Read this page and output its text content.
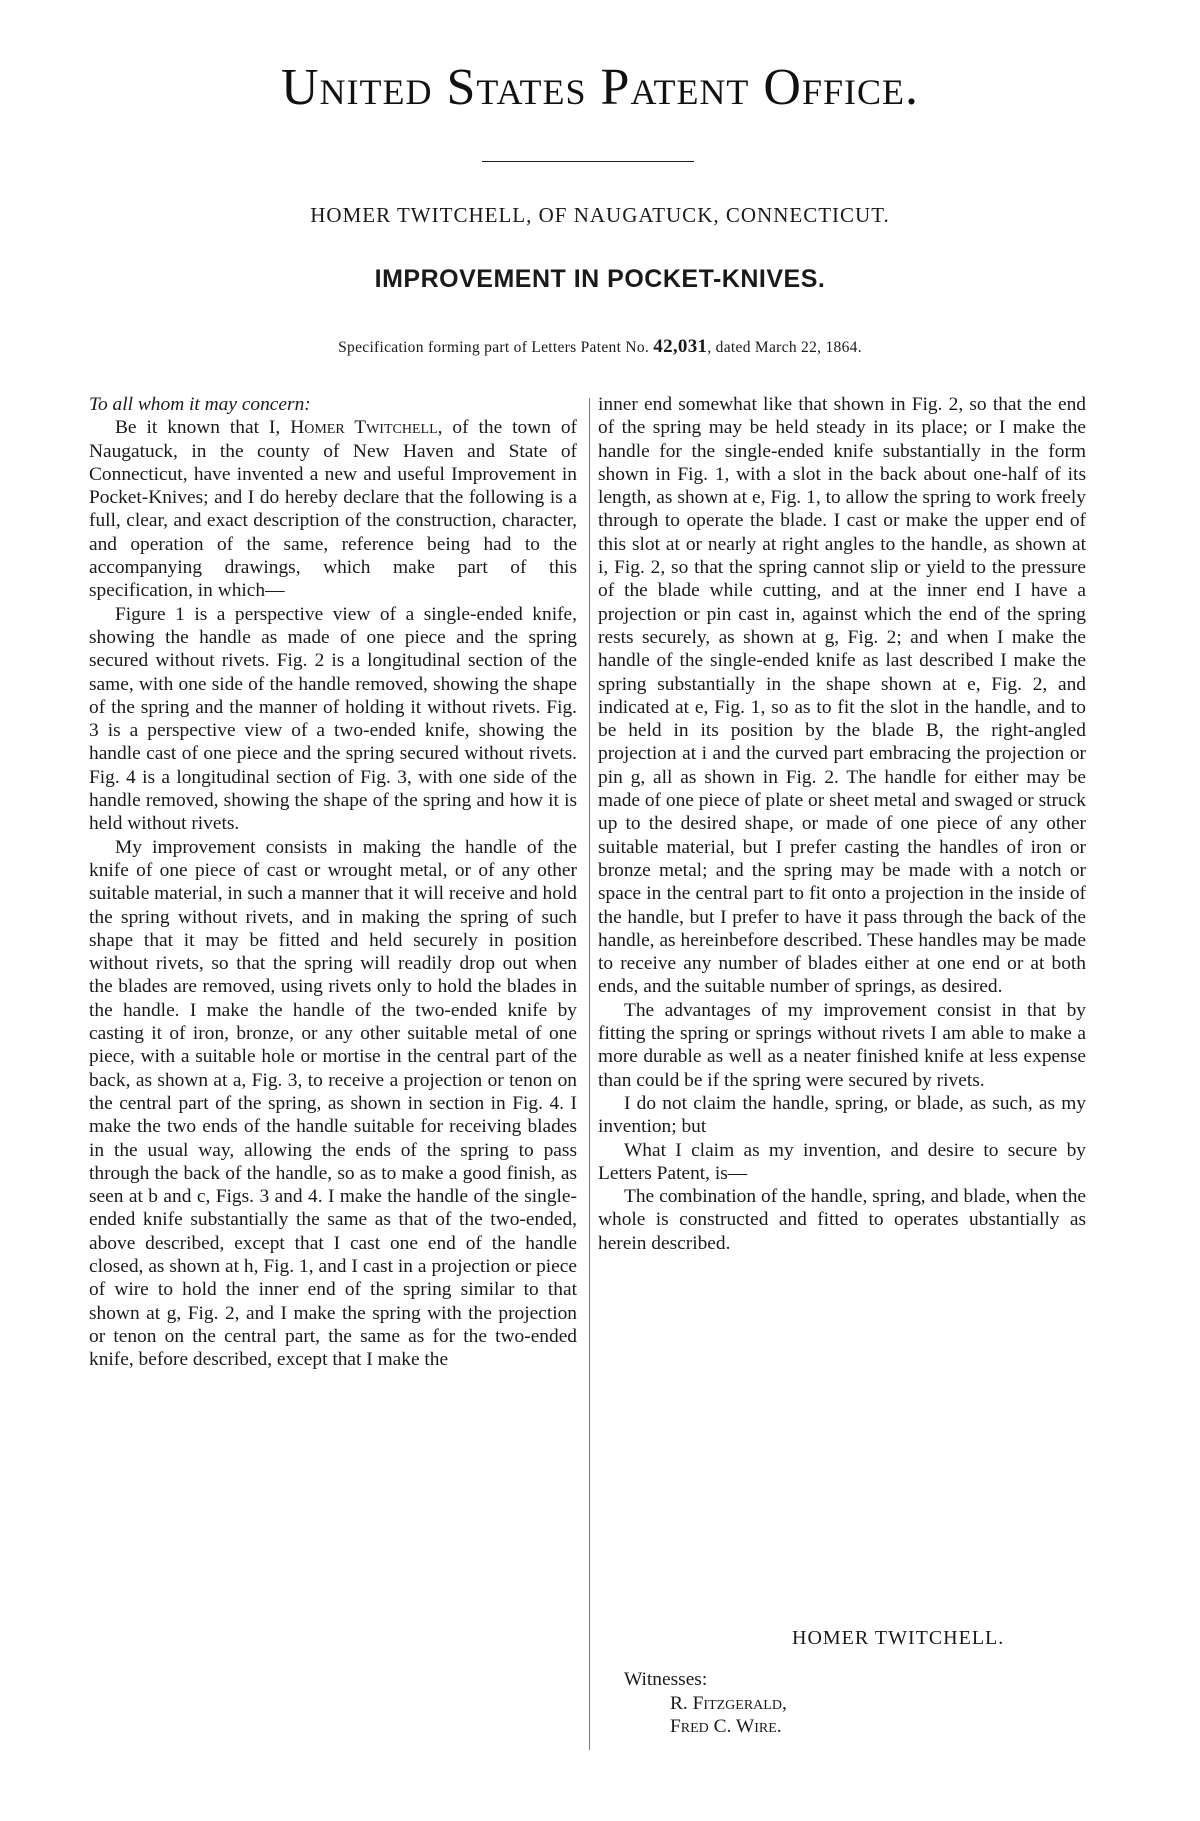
United States Patent Office.
HOMER TWITCHELL, OF NAUGATUCK, CONNECTICUT.
IMPROVEMENT IN POCKET-KNIVES.
Specification forming part of Letters Patent No. 42,031, dated March 22, 1864.

To all whom it may concern:

Be it known that I, Homer Twitchell, of the town of Naugatuck, in the county of New Haven and State of Connecticut, have invented a new and useful Improvement in Pocket-Knives; and I do hereby declare that the following is a full, clear, and exact description of the construction, character, and operation of the same, reference being had to the accompanying drawings, which make part of this specification, in which—

Figure 1 is a perspective view of a single-ended knife, showing the handle as made of one piece and the spring secured without rivets. Fig. 2 is a longitudinal section of the same, with one side of the handle removed, showing the shape of the spring and the manner of holding it without rivets. Fig. 3 is a perspective view of a two-ended knife, showing the handle cast of one piece and the spring secured without rivets. Fig. 4 is a longitudinal section of Fig. 3, with one side of the handle removed, showing the shape of the spring and how it is held without rivets.

My improvement consists in making the handle of the knife of one piece of cast or wrought metal, or of any other suitable material, in such a manner that it will receive and hold the spring without rivets, and in making the spring of such shape that it may be fitted and held securely in position without rivets, so that the spring will readily drop out when the blades are removed, using rivets only to hold the blades in the handle. I make the handle of the two-ended knife by casting it of iron, bronze, or any other suitable metal of one piece, with a suitable hole or mortise in the central part of the back, as shown at a, Fig. 3, to receive a projection or tenon on the central part of the spring, as shown in section in Fig. 4. I make the two ends of the handle suitable for receiving blades in the usual way, allowing the ends of the spring to pass through the back of the handle, so as to make a good finish, as seen at b and c, Figs. 3 and 4. I make the handle of the single-ended knife substantially the same as that of the two-ended, above described, except that I cast one end of the handle closed, as shown at h, Fig. 1, and I cast in a projection or piece of wire to hold the inner end of the spring similar to that shown at g, Fig. 2, and I make the spring with the projection or tenon on the central part, the same as for the two-ended knife, before described, except that I make the

inner end somewhat like that shown in Fig. 2, so that the end of the spring may be held steady in its place; or I make the handle for the single-ended knife substantially in the form shown in Fig. 1, with a slot in the back about one-half of its length, as shown at e, Fig. 1, to allow the spring to work freely through to operate the blade. I cast or make the upper end of this slot at or nearly at right angles to the handle, as shown at i, Fig. 2, so that the spring cannot slip or yield to the pressure of the blade while cutting, and at the inner end I have a projection or pin cast in, against which the end of the spring rests securely, as shown at g, Fig. 2; and when I make the handle of the single-ended knife as last described I make the spring substantially in the shape shown at e, Fig. 2, and indicated at e, Fig. 1, so as to fit the slot in the handle, and to be held in its position by the blade B, the right-angled projection at i and the curved part embracing the projection or pin g, all as shown in Fig. 2. The handle for either may be made of one piece of plate or sheet metal and swaged or struck up to the desired shape, or made of one piece of any other suitable material, but I prefer casting the handles of iron or bronze metal; and the spring may be made with a notch or space in the central part to fit onto a projection in the inside of the handle, but I prefer to have it pass through the back of the handle, as hereinbefore described. These handles may be made to receive any number of blades either at one end or at both ends, and the suitable number of springs, as desired.

The advantages of my improvement consist in that by fitting the spring or springs without rivets I am able to make a more durable as well as a neater finished knife at less expense than could be if the spring were secured by rivets.

I do not claim the handle, spring, or blade, as such, as my invention; but

What I claim as my invention, and desire to secure by Letters Patent, is—

The combination of the handle, spring, and blade, when the whole is constructed and fitted to operates ubstantially as herein described.

HOMER TWITCHELL.
Witnesses:
R. Fitzgerald,
Fred C. Wire.
